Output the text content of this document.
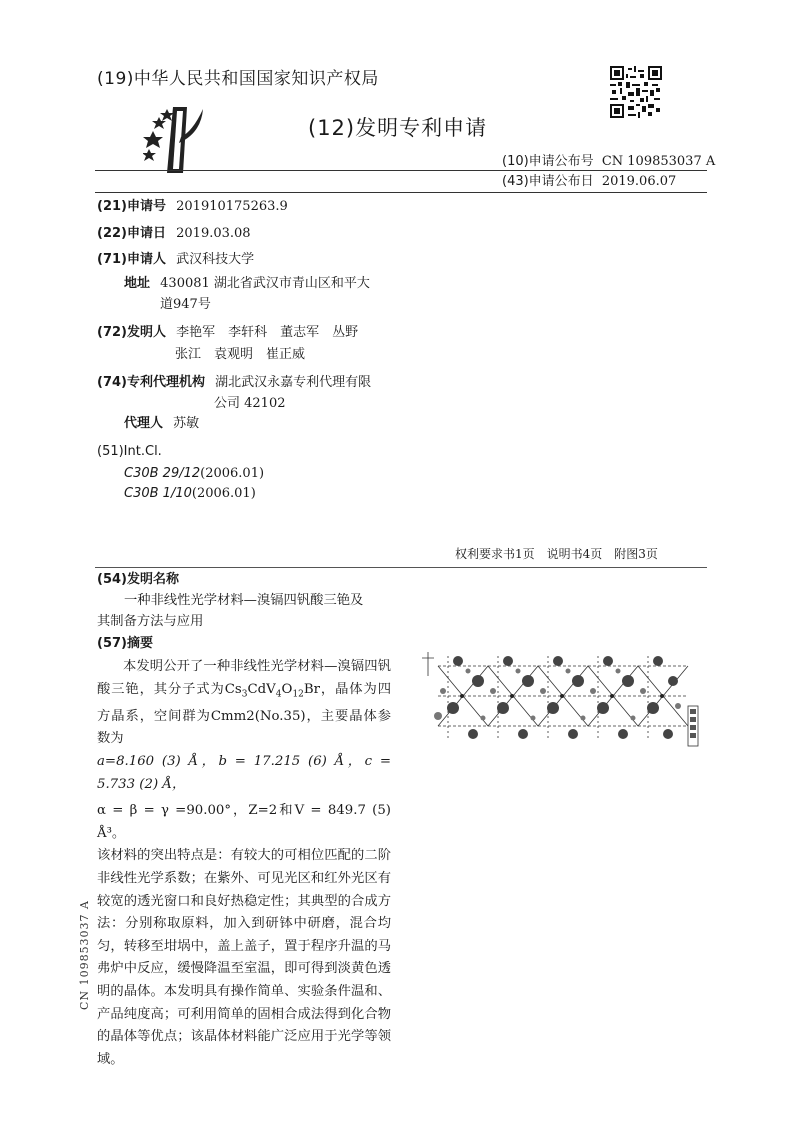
(19)中华人民共和国国家知识产权局
(12)发明专利申请
(10)申请公布号 CN 109853037 A
(43)申请公布日 2019.06.07
(21)申请号 201910175263.9
(22)申请日 2019.03.08
(71)申请人 武汉科技大学
地址 430081 湖北省武汉市青山区和平大
道947号
(72)发明人 李艳军　李轩科　董志军　丛野
张江　袁观明　崔正威
(74)专利代理机构 湖北武汉永嘉专利代理有限
公司 42102
代理人 苏敏
(51)Int.Cl.
C30B 29/12(2006.01)
C30B 1/10(2006.01)
权利要求书1页　说明书4页　附图3页
(54)发明名称
一种非线性光学材料—溴镉四钒酸三铯及
其制备方法与应用
(57)摘要

本发明公开了一种非线性光学材料—溴镉四钒酸三铯，其分子式为$Cs_3CdV_4O_{12}Br$，晶体为四方晶系，空间群为Cmm2(No.35)，主要晶体参数为

a=8.160 (3) Å，b = 17.215 (6) Å，c = 5.733 (2) Å，

α = β = γ =90.00°，Z=2和V = 849.7 (5) Å³。

该材料的突出特点是：有较大的可相位匹配的二阶非线性光学系数；在紫外、可见光区和红外光区有较宽的透光窗口和良好热稳定性；其典型的合成方法：分别称取原料，加入到研钵中研磨，混合均匀，转移至坩埚中，盖上盖子，置于程序升温的马弗炉中反应，缓慢降温至室温，即可得到淡黄色透明的晶体。本发明具有操作简单、实验条件温和、产品纯度高；可利用简单的固相合成法得到化合物的晶体等优点；该晶体材料能广泛应用于光学等领域。

CN 109853037 A
